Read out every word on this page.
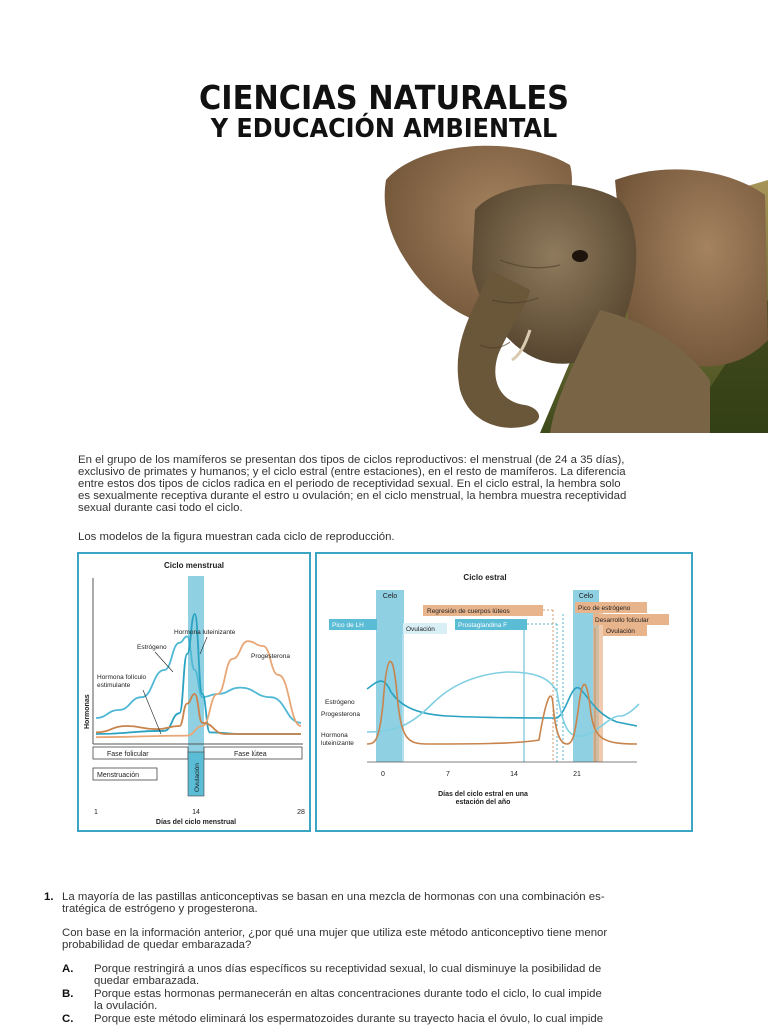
CIENCIAS NATURALES
Y EDUCACIÓN AMBIENTAL

En el grupo de los mamíferos se presentan dos tipos de ciclos reproductivos: el menstrual (de 24 a 35 días),

exclusivo de primates y humanos; y el ciclo estral (entre estaciones), en el resto de mamíferos. La diferencia

entre estos dos tipos de ciclos radica en el periodo de receptividad sexual. En el ciclo estral, la hembra solo

es sexualmente receptiva durante el estro u ovulación; en el ciclo menstrual, la hembra muestra receptividad

sexual durante casi todo el ciclo.

Los modelos de la figura muestran cada ciclo de reproducción.

Ciclo menstrual
Hormonas
Hormona luteinizante
Estrógeno
Progesterona
Hormona folículo
estimulante
Fase folicular	Fase lútea
Menstruación	Ovulación
1	14	28
Días del ciclo menstrual
Ciclo estral
Celo	Celo
Regresión de cuerpos lúteos
Pico de LH
Ovulación
Prostaglandina F
Pico de estrógeno
Desarrollo folicular
Ovulación
Estrógeno
Progesterona
Hormona
luteinizante
0	7	14	21
Días del ciclo estral en una
estación del año

1. La mayoría de las pastillas anticonceptivas se basan en una mezcla de hormonas con una combinación es-

tratégica de estrógeno y progesterona.

Con base en la información anterior, ¿por qué una mujer que utiliza este método anticonceptivo tiene menor

probabilidad de quedar embarazada?

A. Porque restringirá a unos días específicos su receptividad sexual, lo cual disminuye la posibilidad de
quedar embarazada.
B. Porque estas hormonas permanecerán en altas concentraciones durante todo el ciclo, lo cual impide
la ovulación.
C. Porque este método eliminará los espermatozoides durante su trayecto hacia el óvulo, lo cual impide
